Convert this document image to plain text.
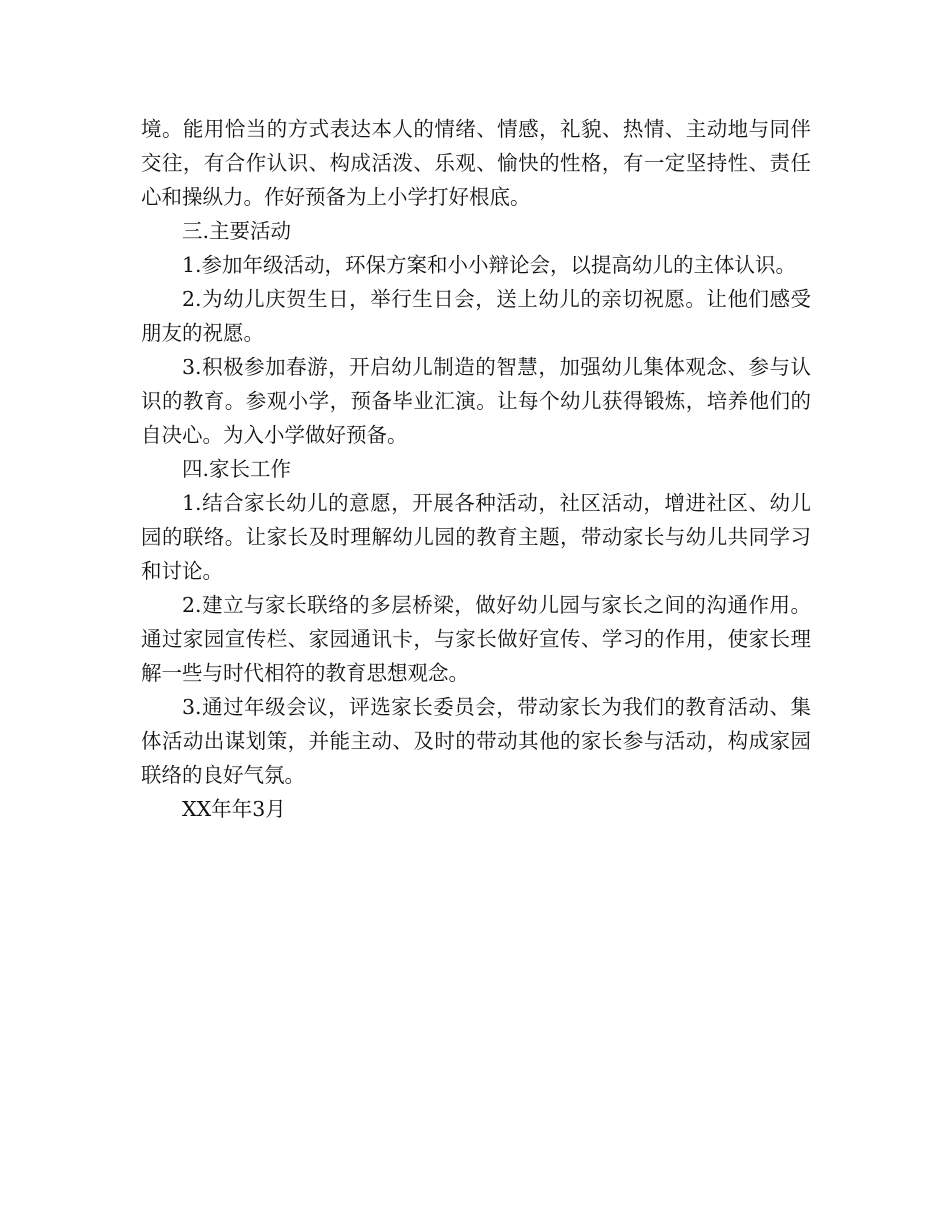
境。能用恰当的方式表达本人的情绪、情感，礼貌、热情、主动地与同伴交往，有合作认识、构成活泼、乐观、愉快的性格，有一定坚持性、责任心和操纵力。作好预备为上小学打好根底。

三.主要活动

1.参加年级活动，环保方案和小小辩论会，以提高幼儿的主体认识。

2.为幼儿庆贺生日，举行生日会，送上幼儿的亲切祝愿。让他们感受朋友的祝愿。

3.积极参加春游，开启幼儿制造的智慧，加强幼儿集体观念、参与认识的教育。参观小学，预备毕业汇演。让每个幼儿获得锻炼，培养他们的自决心。为入小学做好预备。

四.家长工作

1.结合家长幼儿的意愿，开展各种活动，社区活动，增进社区、幼儿园的联络。让家长及时理解幼儿园的教育主题，带动家长与幼儿共同学习和讨论。

2.建立与家长联络的多层桥梁，做好幼儿园与家长之间的沟通作用。通过家园宣传栏、家园通讯卡，与家长做好宣传、学习的作用，使家长理解一些与时代相符的教育思想观念。

3.通过年级会议，评选家长委员会，带动家长为我们的教育活动、集体活动出谋划策，并能主动、及时的带动其他的家长参与活动，构成家园联络的良好气氛。

XX年年3月
